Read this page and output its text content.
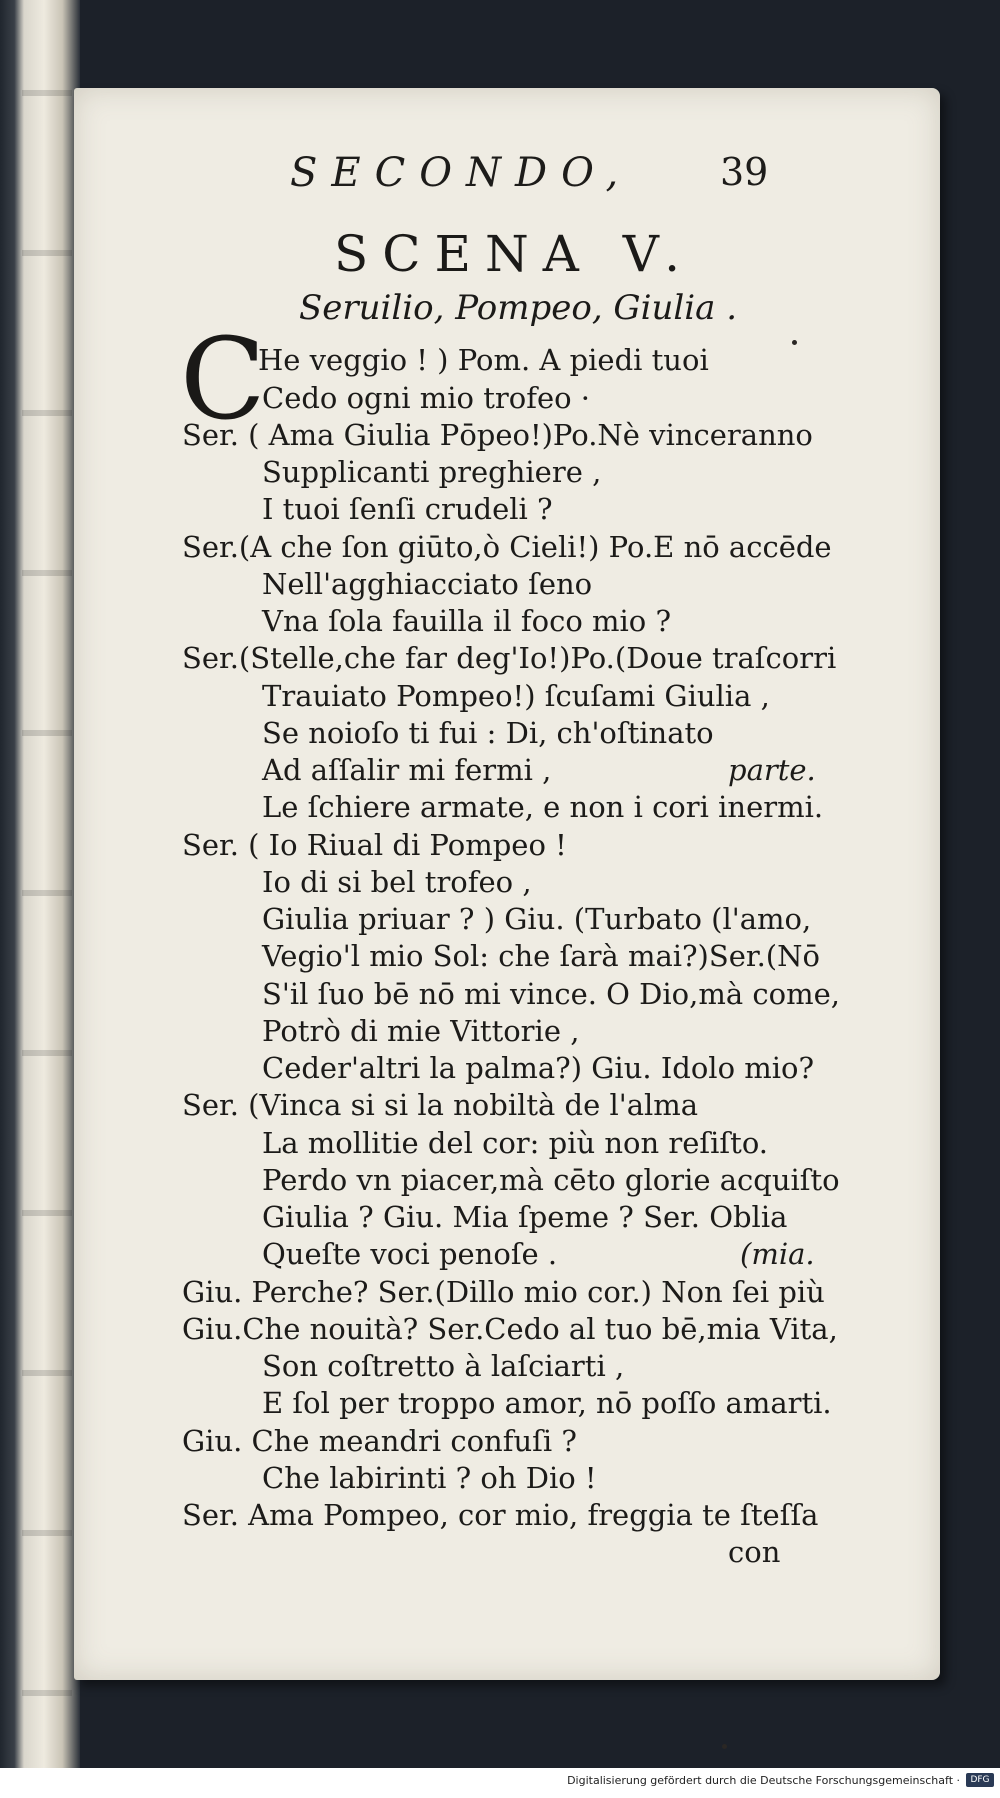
SECONDO, 39
SCENA V.
Seruilio, Pompeo, Giulia .
C
He veggio ! ) Pom. A piedi tuoi
Cedo ogni mio trofeo ·
Ser. ( Ama Giulia Pōpeo!)Po.Nè vinceranno
Supplicanti preghiere ,
I tuoi ſenſi crudeli ?
Ser.(A che ſon giūto,ò Cieli!) Po.E nō accēde
Nell'agghiacciato ſeno
Vna ſola fauilla il foco mio ?
Ser.(Stelle,che far deg'Io!)Po.(Doue traſcorri
Trauiato Pompeo!) ſcuſami Giulia ,
Se noioſo ti fui : Di, ch'oſtinato
Ad aſſalir mi fermi ,	parte.
Le ſchiere armate, e non i cori inermi.
Ser. ( Io Riual di Pompeo !
Io di si bel trofeo ,
Giulia priuar ? ) Giu. (Turbato (l'amo,
Vegio'l mio Sol: che ſarà mai?)Ser.(Nō
S'il ſuo bē nō mi vince. O Dio,mà come,
Potrò di mie Vittorie ,
Ceder'altri la palma?) Giu. Idolo mio?
Ser. (Vinca si si la nobiltà de l'alma
La mollitie del cor: più non reſiſto.
Perdo vn piacer,mà cēto glorie acquiſto
Giulia ? Giu. Mia ſpeme ? Ser. Oblia
Queſte voci penoſe .	(mia.
Giu. Perche? Ser.(Dillo mio cor.) Non ſei più
Giu.Che nouità? Ser.Cedo al tuo bē,mia Vita,
Son coſtretto à laſciarti ,
E ſol per troppo amor, nō poſſo amarti.
Giu. Che meandri confuſi ?
Che labirinti ? oh Dio !
Ser. Ama Pompeo, cor mio, freggia te ſteſſa
con
Digitalisierung gefördert durch die Deutsche Forschungsgemeinschaft ·	DFG
